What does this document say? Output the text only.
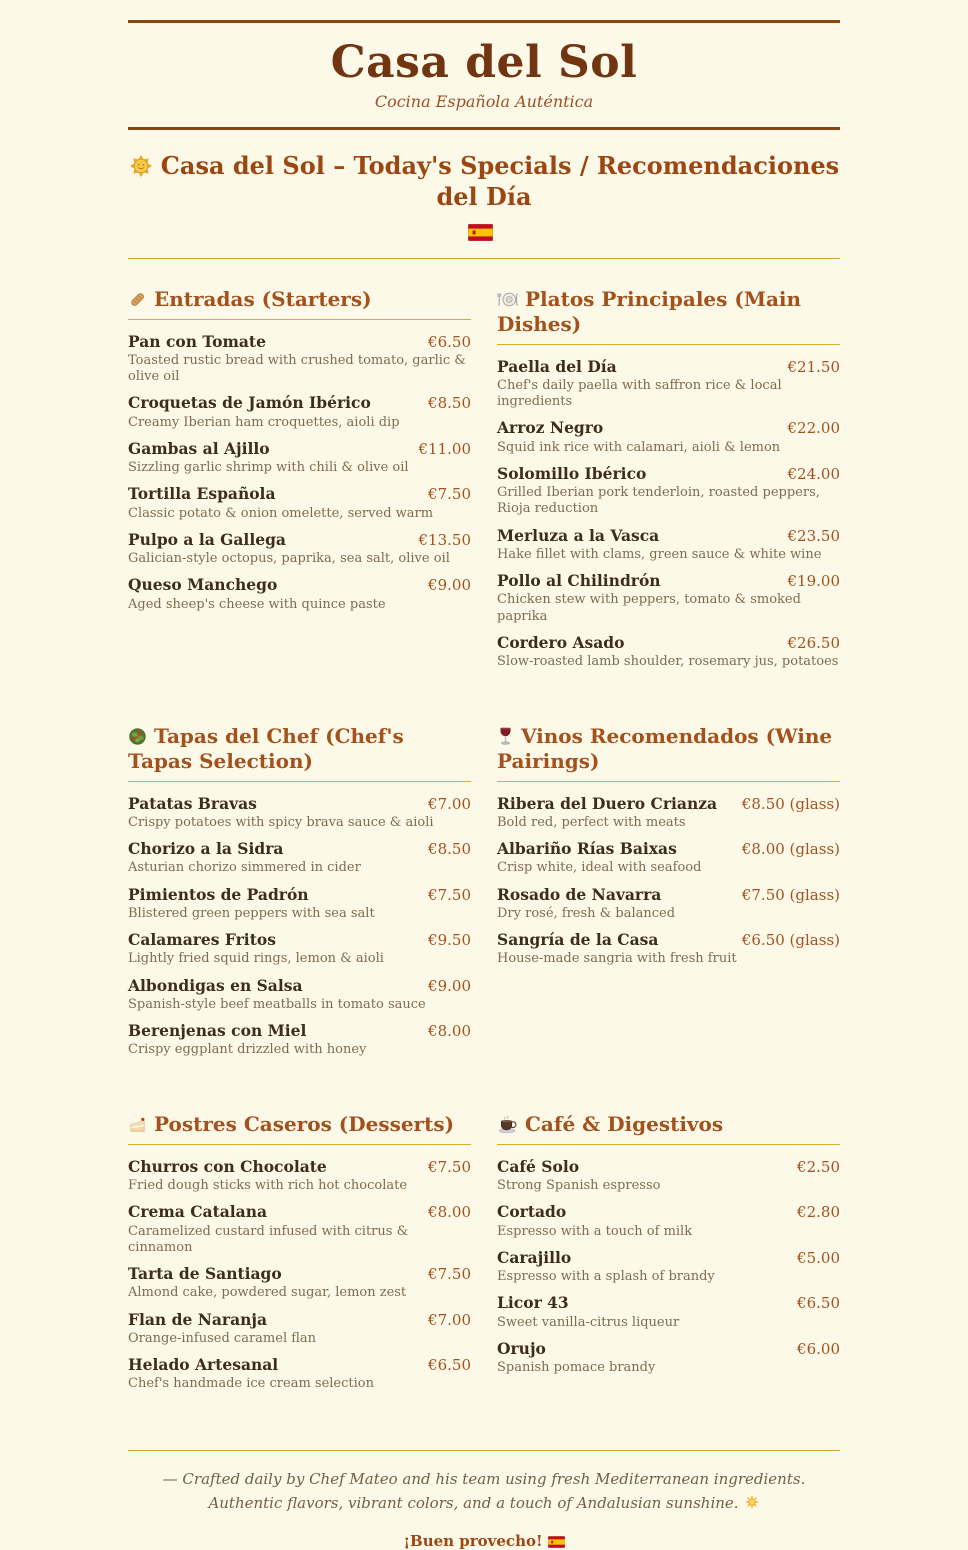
Casa del Sol
Cocina Española Auténtica
Casa del Sol – Today's Specials / Recomendaciones del Día
Entradas (Starters)
Pan con Tomate	€6.50
Toasted rustic bread with crushed tomato, garlic & olive oil
Croquetas de Jamón Ibérico	€8.50
Creamy Iberian ham croquettes, aioli dip
Gambas al Ajillo	€11.00
Sizzling garlic shrimp with chili & olive oil
Tortilla Española	€7.50
Classic potato & onion omelette, served warm
Pulpo a la Gallega	€13.50
Galician-style octopus, paprika, sea salt, olive oil
Queso Manchego	€9.00
Aged sheep's cheese with quince paste
Platos Principales (Main Dishes)
Paella del Día	€21.50
Chef's daily paella with saffron rice & local ingredients
Arroz Negro	€22.00
Squid ink rice with calamari, aioli & lemon
Solomillo Ibérico	€24.00
Grilled Iberian pork tenderloin, roasted peppers, Rioja reduction
Merluza a la Vasca	€23.50
Hake fillet with clams, green sauce & white wine
Pollo al Chilindrón	€19.00
Chicken stew with peppers, tomato & smoked paprika
Cordero Asado	€26.50
Slow-roasted lamb shoulder, rosemary jus, potatoes
Tapas del Chef (Chef's Tapas Selection)
Patatas Bravas	€7.00
Crispy potatoes with spicy brava sauce & aioli
Chorizo a la Sidra	€8.50
Asturian chorizo simmered in cider
Pimientos de Padrón	€7.50
Blistered green peppers with sea salt
Calamares Fritos	€9.50
Lightly fried squid rings, lemon & aioli
Albondigas en Salsa	€9.00
Spanish-style beef meatballs in tomato sauce
Berenjenas con Miel	€8.00
Crispy eggplant drizzled with honey
Vinos Recomendados (Wine Pairings)
Ribera del Duero Crianza	€8.50 (glass)
Bold red, perfect with meats
Albariño Rías Baixas	€8.00 (glass)
Crisp white, ideal with seafood
Rosado de Navarra	€7.50 (glass)
Dry rosé, fresh & balanced
Sangría de la Casa	€6.50 (glass)
House-made sangria with fresh fruit
Postres Caseros (Desserts)
Churros con Chocolate	€7.50
Fried dough sticks with rich hot chocolate
Crema Catalana	€8.00
Caramelized custard infused with citrus & cinnamon
Tarta de Santiago	€7.50
Almond cake, powdered sugar, lemon zest
Flan de Naranja	€7.00
Orange-infused caramel flan
Helado Artesanal	€6.50
Chef's handmade ice cream selection
Café & Digestivos
Café Solo	€2.50
Strong Spanish espresso
Cortado	€2.80
Espresso with a touch of milk
Carajillo	€5.00
Espresso with a splash of brandy
Licor 43	€6.50
Sweet vanilla-citrus liqueur
Orujo	€6.00
Spanish pomace brandy

— Crafted daily by Chef Mateo and his team using fresh Mediterranean ingredients.

Authentic flavors, vibrant colors, and a touch of Andalusian sunshine.

¡Buen provecho!
